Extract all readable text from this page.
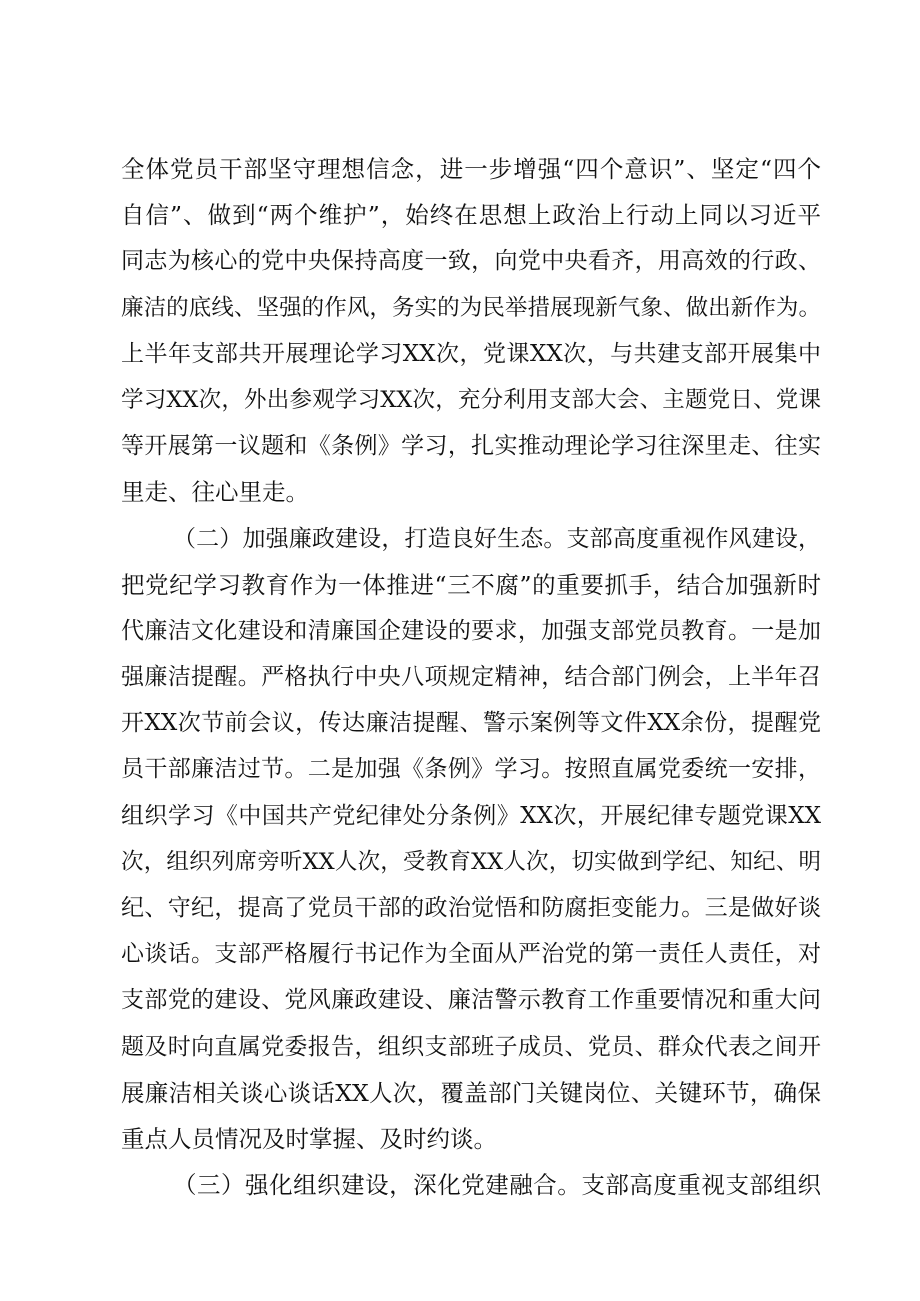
全体党员干部坚守理想信念，进一步增强“四个意识”、坚定“四个
自信”、做到“两个维护”，始终在思想上政治上行动上同以习近平
同志为核心的党中央保持高度一致，向党中央看齐，用高效的行政、
廉洁的底线、坚强的作风，务实的为民举措展现新气象、做出新作为。
上半年支部共开展理论学习XX次，党课XX次，与共建支部开展集中
学习XX次，外出参观学习XX次，充分利用支部大会、主题党日、党课
等开展第一议题和《条例》学习，扎实推动理论学习往深里走、往实
里走、往心里走。
（二）加强廉政建设，打造良好生态。支部高度重视作风建设，
把党纪学习教育作为一体推进“三不腐”的重要抓手，结合加强新时
代廉洁文化建设和清廉国企建设的要求，加强支部党员教育。一是加
强廉洁提醒。严格执行中央八项规定精神，结合部门例会，上半年召
开XX次节前会议，传达廉洁提醒、警示案例等文件XX余份，提醒党
员干部廉洁过节。二是加强《条例》学习。按照直属党委统一安排，
组织学习《中国共产党纪律处分条例》XX次，开展纪律专题党课XX
次，组织列席旁听XX人次，受教育XX人次，切实做到学纪、知纪、明
纪、守纪，提高了党员干部的政治觉悟和防腐拒变能力。三是做好谈
心谈话。支部严格履行书记作为全面从严治党的第一责任人责任，对
支部党的建设、党风廉政建设、廉洁警示教育工作重要情况和重大问
题及时向直属党委报告，组织支部班子成员、党员、群众代表之间开
展廉洁相关谈心谈话XX人次，覆盖部门关键岗位、关键环节，确保
重点人员情况及时掌握、及时约谈。
（三）强化组织建设，深化党建融合。支部高度重视支部组织
